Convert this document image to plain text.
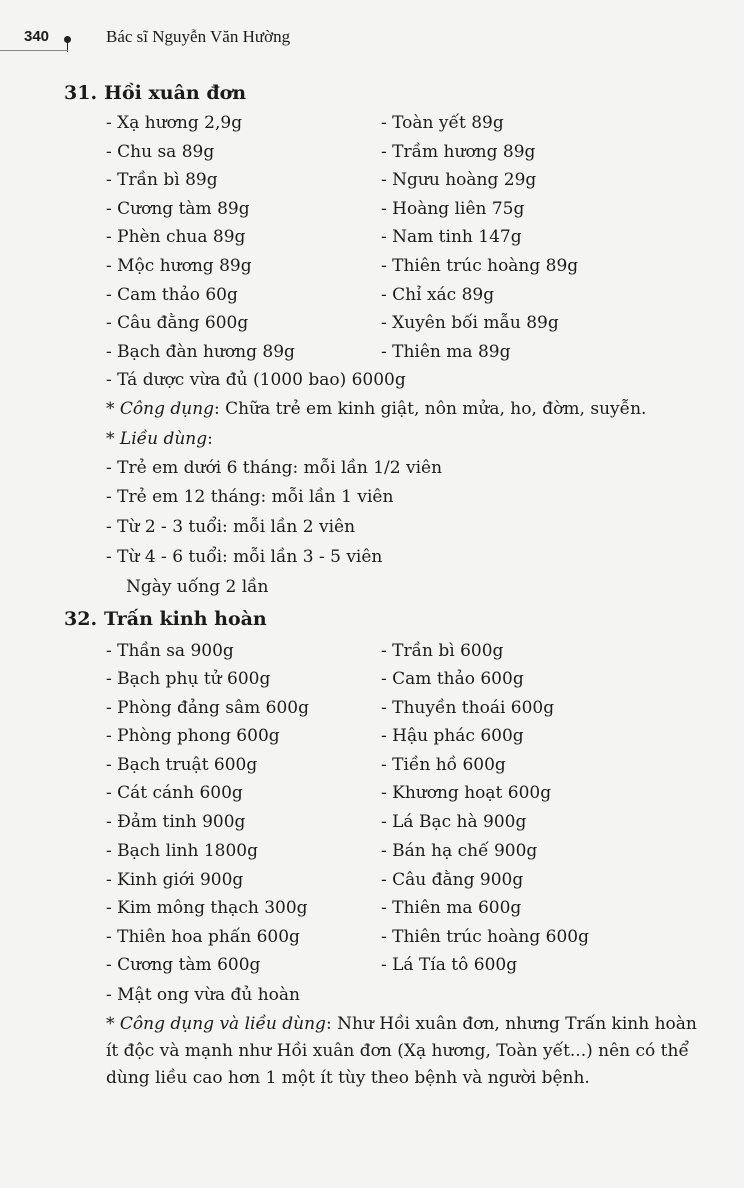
340	Bác sĩ Nguyễn Văn Hường
31. Hồi xuân đơn
- Xạ hương 2,9g
- Chu sa 89g
- Trần bì 89g
- Cương tàm 89g
- Phèn chua 89g
- Mộc hương 89g
- Cam thảo 60g
- Câu đằng 600g
- Bạch đàn hương 89g
- Toàn yết 89g
- Trầm hương 89g
- Ngưu hoàng 29g
- Hoàng liên 75g
- Nam tinh 147g
- Thiên trúc hoàng 89g
- Chỉ xác 89g
- Xuyên bối mẫu 89g
- Thiên ma 89g
- Tá dược vừa đủ (1000 bao) 6000g
* Công dụng: Chữa trẻ em kinh giật, nôn mửa, ho, đờm, suyễn.
* Liều dùng:
- Trẻ em dưới 6 tháng: mỗi lần 1/2 viên
- Trẻ em 12 tháng: mỗi lần 1 viên
- Từ 2 - 3 tuổi: mỗi lần 2 viên
- Từ 4 - 6 tuổi: mỗi lần 3 - 5 viên
Ngày uống 2 lần
32. Trấn kinh hoàn
- Thần sa 900g
- Bạch phụ tử 600g
- Phòng đảng sâm 600g
- Phòng phong 600g
- Bạch truật 600g
- Cát cánh 600g
- Đảm tinh 900g
- Bạch linh 1800g
- Kinh giới 900g
- Kim mông thạch 300g
- Thiên hoa phấn 600g
- Cương tàm 600g
- Trần bì 600g
- Cam thảo 600g
- Thuyền thoái 600g
- Hậu phác 600g
- Tiền hồ 600g
- Khương hoạt 600g
- Lá Bạc hà 900g
- Bán hạ chế 900g
- Câu đằng 900g
- Thiên ma 600g
- Thiên trúc hoàng 600g
- Lá Tía tô 600g
- Mật ong vừa đủ hoàn
* Công dụng và liều dùng: Như Hồi xuân đơn, nhưng Trấn kinh hoàn ít độc và mạnh như Hồi xuân đơn (Xạ hương, Toàn yết...) nên có thể dùng liều cao hơn 1 một ít tùy theo bệnh và người bệnh.
